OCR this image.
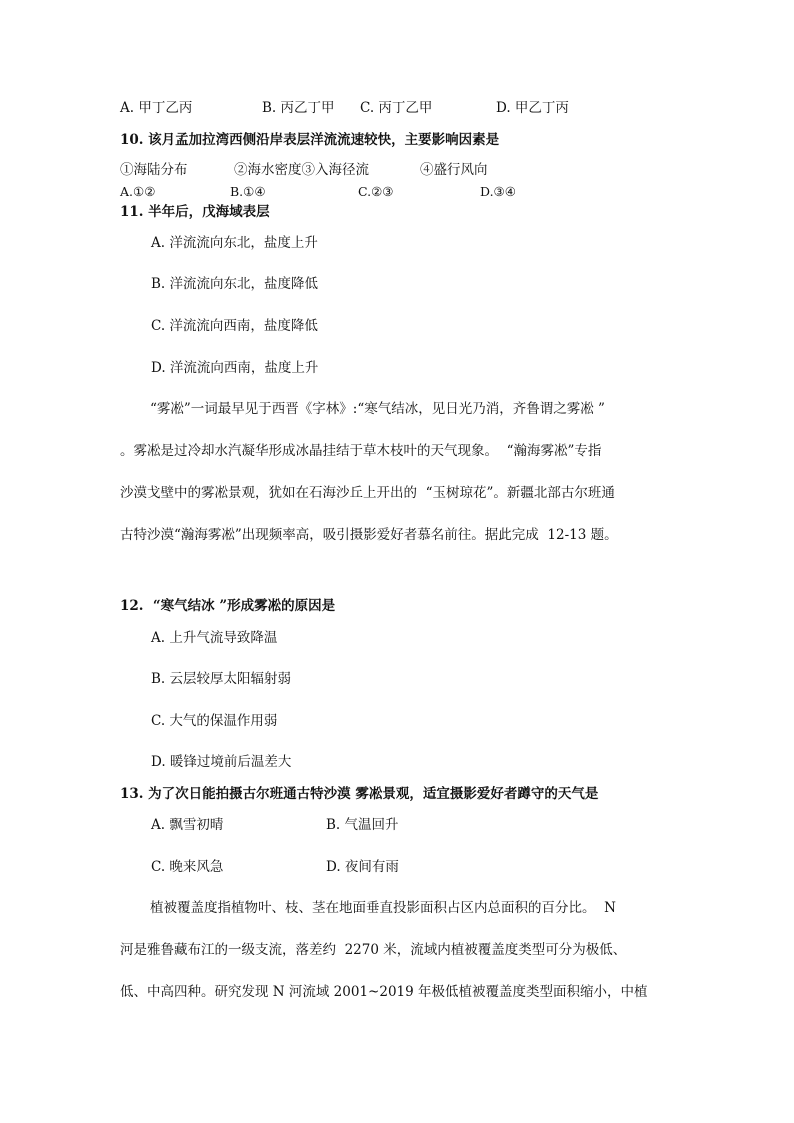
A. 甲丁乙丙	B. 丙乙丁甲 C. 丙丁乙甲	D. 甲乙丁丙
10. 该月孟加拉湾西侧沿岸表层洋流流速较快，主要影响因素是
①海陆分布	②海水密度③入海径流	④盛行风向
A.①②	B.①④	C.②③	D.③④
11. 半年后，戊海域表层
A. 洋流流向东北，盐度上升
B. 洋流流向东北，盐度降低
C. 洋流流向西南，盐度降低
D. 洋流流向西南，盐度上升
“雾凇”一词最早见于西晋《字林》:“寒气结冰，见日光乃消，齐鲁谓之雾凇 ”
。雾凇是过冷却水汽凝华形成冰晶挂结于草木枝叶的天气现象。  “瀚海雾凇”专指
沙漠戈壁中的雾凇景观，犹如在石海沙丘上开出的  “玉树琼花”。新疆北部古尔班通
古特沙漠“瀚海雾凇”出现频率高，吸引摄影爱好者慕名前往。据此完成  12-13 题。
12.  “寒气结冰 ”形成雾凇的原因是
A. 上升气流导致降温
B. 云层较厚太阳辐射弱
C. 大气的保温作用弱
D. 暖锋过境前后温差大
13. 为了次日能拍摄古尔班通古特沙漠 雾凇景观，适宜摄影爱好者蹲守的天气是
A. 飘雪初晴	B. 气温回升
C. 晚来风急	D. 夜间有雨
植被覆盖度指植物叶、枝、茎在地面垂直投影面积占区内总面积的百分比。  N
河是雅鲁藏布江的一级支流，落差约  2270 米，流域内植被覆盖度类型可分为极低、
低、中高四种。研究发现 N 河流域 2001~2019 年极低植被覆盖度类型面积缩小，中植
